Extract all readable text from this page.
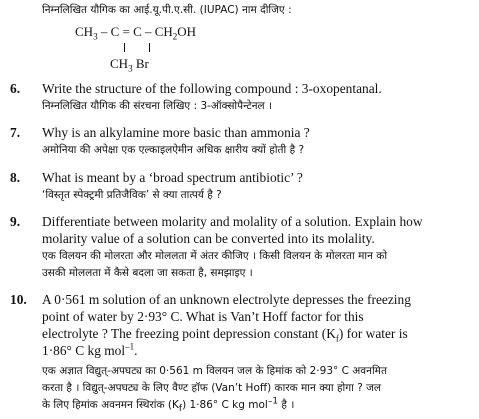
निम्नलिखित यौगिक का आई.यू.पी.ए.सी. (IUPAC) नाम दीजिए :
$CH_3 - C = C - CH_2OH$
$CH_3$ Br
6. Write the structure of the following compound : 3-oxopentanal.
निम्नलिखित यौगिक की संरचना लिखिए : 3-ऑक्सोपैन्टेनल ।
7. Why is an alkylamine more basic than ammonia ?
अमोनिया की अपेक्षा एक एल्काइलऐमीन अधिक क्षारीय क्यों होती है ?
8. What is meant by a ‘broad spectrum antibiotic’ ?
‘विस्तृत स्पेक्ट्रमी प्रतिजैविक’ से क्या तात्पर्य है ?
9. Differentiate between molarity and molality of a solution. Explain how
molarity value of a solution can be converted into its molality.
एक विलयन की मोलरता और मोललता में अंतर कीजिए । किसी विलयन के मोलरता मान को
उसकी मोललता में कैसे बदला जा सकता है, समझाइए ।
10. A 0·561 m solution of an unknown electrolyte depresses the freezing
point of water by 2·93° C. What is Van’t Hoff factor for this
electrolyte ? The freezing point depression constant $(K_f)$ for water is
1·86° C kg mol$^{-1}$.
एक अज्ञात विद्युत्-अपघट्य का 0·561 m विलयन जल के हिमांक को 2·93° C अवनमित
करता है । विद्युत्-अपघट्य के लिए वैण्ट हॉफ (Van’t Hoff) कारक मान क्या होगा ? जल
के लिए हिमांक अवनमन स्थिरांक $(K_f)$ 1·86° C kg mol$^{-1}$ है ।
